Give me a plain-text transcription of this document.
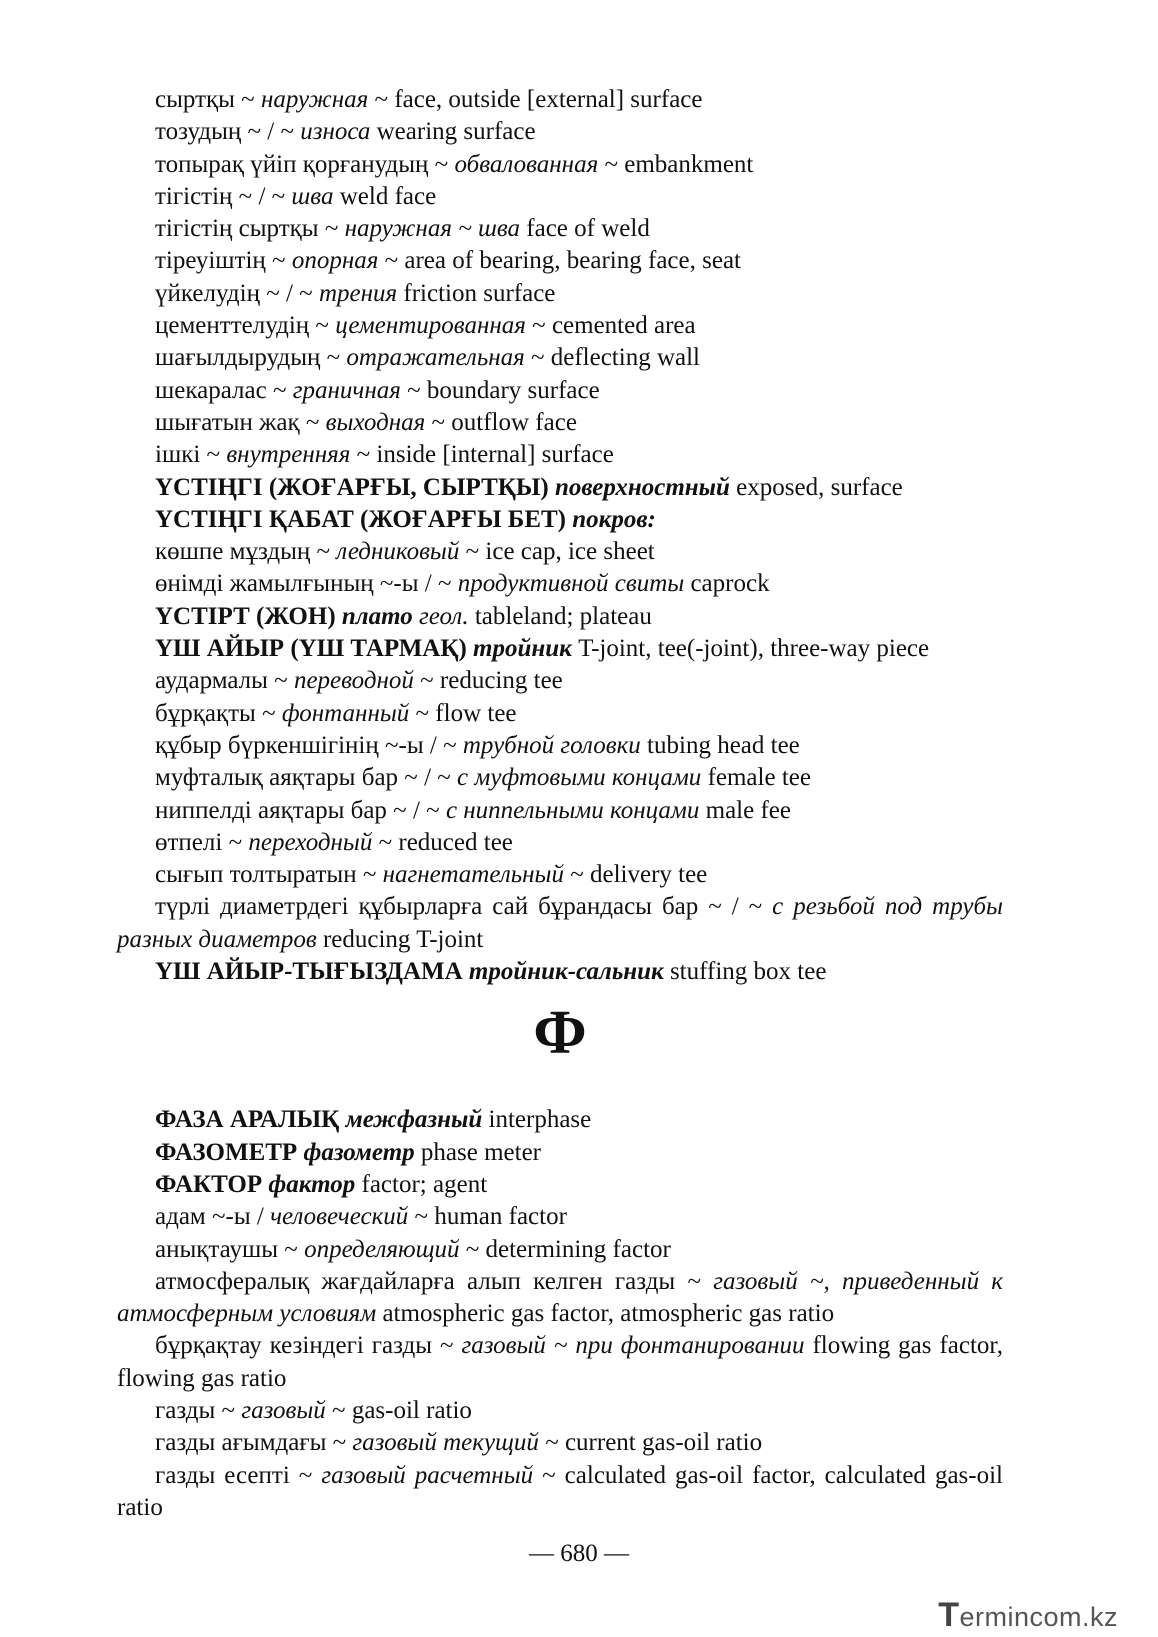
сыртқы ~ наружная ~ face, outside [external] surface

тозудың ~ / ~ износа wearing surface

топырақ үйіп қорғанудың ~ обвалованная ~ embankment

тігістің ~ / ~ шва weld face

тігістің сыртқы ~ наружная ~ шва face of weld

тіреуіштің ~ опорная ~ area of bearing, bearing face, seat

үйкелудің ~ / ~ трения friction surface

цементтелудің ~ цементированная ~ cemented area

шағылдырудың ~ отражательная ~ deflecting wall

шекаралас ~ граничная ~ boundary surface

шығатын жақ ~ выходная ~ outflow face

ішкі ~ внутренняя ~ inside [internal] surface

ҮСТІҢГІ (ЖОҒАРҒЫ, СЫРТҚЫ) поверхностный exposed, surface

ҮСТІҢГІ ҚАБАТ (ЖОҒАРҒЫ БЕТ) покров:

көшпе мұздың ~ ледниковый ~ ice cap, ice sheet

өнімді жамылғының ~-ы / ~ продуктивной свиты caprock

ҮСТІРТ (ЖОН) плато геол. tableland; plateau

ҮШ АЙЫР (ҮШ ТАРМАҚ) тройник T-joint, tee(-joint), three-way piece

аудармалы ~ переводной ~ reducing tee

бұрқақты ~ фонтанный ~ flow tee

құбыр бүркеншігінің ~-ы / ~ трубной головки tubing head tee

муфталық аяқтары бар ~ / ~ с муфтовыми концами female tee

ниппелді аяқтары бар ~ / ~ с ниппельными концами male fee

өтпелі ~ переходный ~ reduced tee

сығып толтыратын ~ нагнетательный ~ delivery tee

түрлі диаметрдегі құбырларға сай бұрандасы бар ~ / ~ с резьбой под трубы разных диаметров reducing T-joint

ҮШ АЙЫР-ТЫҒЫЗДАМА тройник-сальник stuffing box tee

Ф

ФАЗА АРАЛЫҚ межфазный interphase

ФАЗОМЕТР фазометр phase meter

ФАКТОР фактор factor; agent

адам ~-ы / человеческий ~ human factor

анықтаушы ~ определяющий ~ determining factor

атмосфералық жағдайларға алып келген газды ~ газовый ~, приведенный к атмосферным условиям atmospheric gas factor, atmospheric gas ratio

бұрқақтау кезіндегі газды ~ газовый ~ при фонтанировании flowing gas factor, flowing gas ratio

газды ~ газовый ~ gas-oil ratio

газды ағымдағы ~ газовый текущий ~ current gas-oil ratio

газды есепті ~ газовый расчетный ~ calculated gas-oil factor, calculated gas-oil ratio

— 680 —
Termincom.kz
